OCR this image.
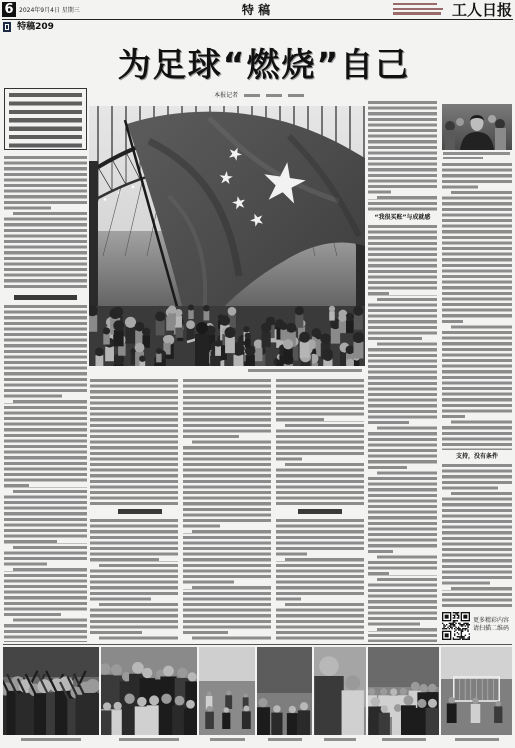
6 2024年9月4日 星期三	特 稿	工人日报
$^{特稿209}$
为足球“燃烧”自己
本报记者
“我很买账”与成就感
支持，没有条件
更多精彩内容
请扫描二维码
